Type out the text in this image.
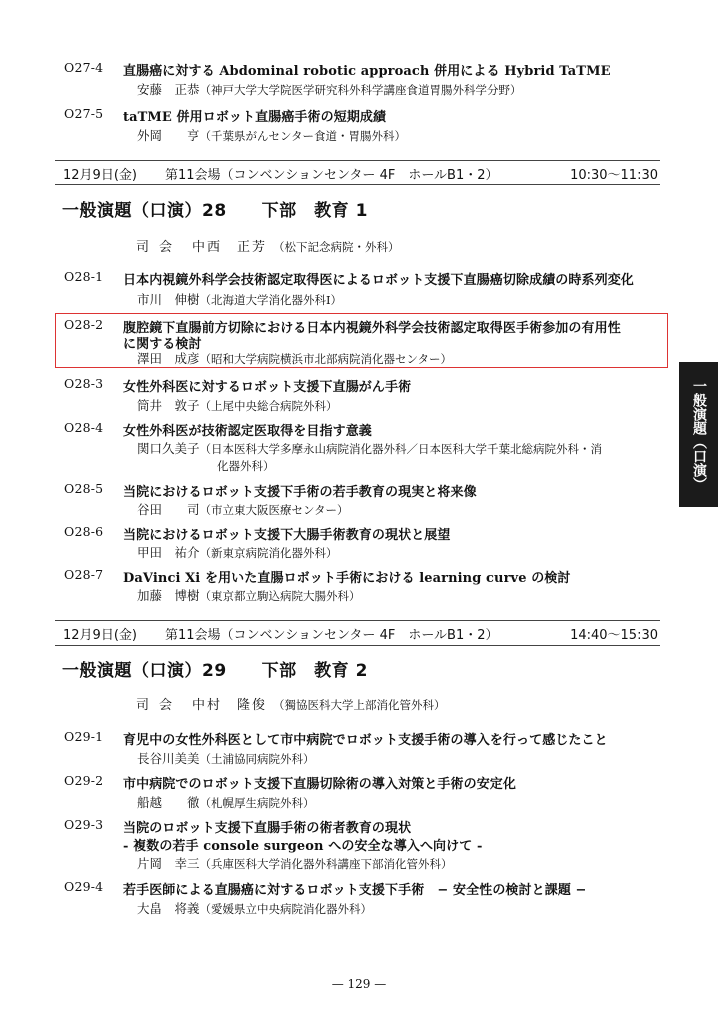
O27-4 直腸癌に対する Abdominal robotic approach 併用による Hybrid TaTME
安藤　正恭（神戸大学大学院医学研究科外科学講座食道胃腸外科学分野）
O27-5 taTME 併用ロボット直腸癌手術の短期成績
外岡　　亨（千葉県がんセンター食道・胃腸外科）
12月9日(金) 第11会場（コンベンションセンター 4F　ホールB1・2）	10:30〜11:30
一般演題（口演）28　　下部　教育 1
司会 中西　正芳 （松下記念病院・外科）
O28-1 日本内視鏡外科学会技術認定取得医によるロボット支援下直腸癌切除成績の時系列変化
市川　伸樹（北海道大学消化器外科Ⅰ）
O28-2 腹腔鏡下直腸前方切除における日本内視鏡外科学会技術認定取得医手術参加の有用性
に関する検討
澤田　成彦（昭和大学病院横浜市北部病院消化器センター）
O28-3 女性外科医に対するロボット支援下直腸がん手術
筒井　敦子（上尾中央総合病院外科）
O28-4 女性外科医が技術認定医取得を目指す意義
関口久美子（日本医科大学多摩永山病院消化器外科／日本医科大学千葉北総病院外科・消
化器外科）
O28-5 当院におけるロボット支援下手術の若手教育の現実と将来像
谷田　　司（市立東大阪医療センター）
O28-6 当院におけるロボット支援下大腸手術教育の現状と展望
甲田　祐介（新東京病院消化器外科）
O28-7 DaVinci Xi を用いた直腸ロボット手術における learning curve の検討
加藤　博樹（東京都立駒込病院大腸外科）
12月9日(金) 第11会場（コンベンションセンター 4F　ホールB1・2）	14:40〜15:30
一般演題（口演）29　　下部　教育 2
司会 中村　隆俊 （獨協医科大学上部消化管外科）
O29-1 育児中の女性外科医として市中病院でロボット支援手術の導入を行って感じたこと
長谷川美美（土浦協同病院外科）
O29-2 市中病院でのロボット支援下直腸切除術の導入対策と手術の安定化
船越　　徹（札幌厚生病院外科）
O29-3 当院のロボット支援下直腸手術の術者教育の現状
- 複数の若手 console surgeon への安全な導入へ向けて -
片岡　幸三（兵庫医科大学消化器外科講座下部消化管外科）
O29-4 若手医師による直腸癌に対するロボット支援下手術　− 安全性の検討と課題 −
大畠　将義（愛媛県立中央病院消化器外科）
一般演題（口演）
— 129 —
